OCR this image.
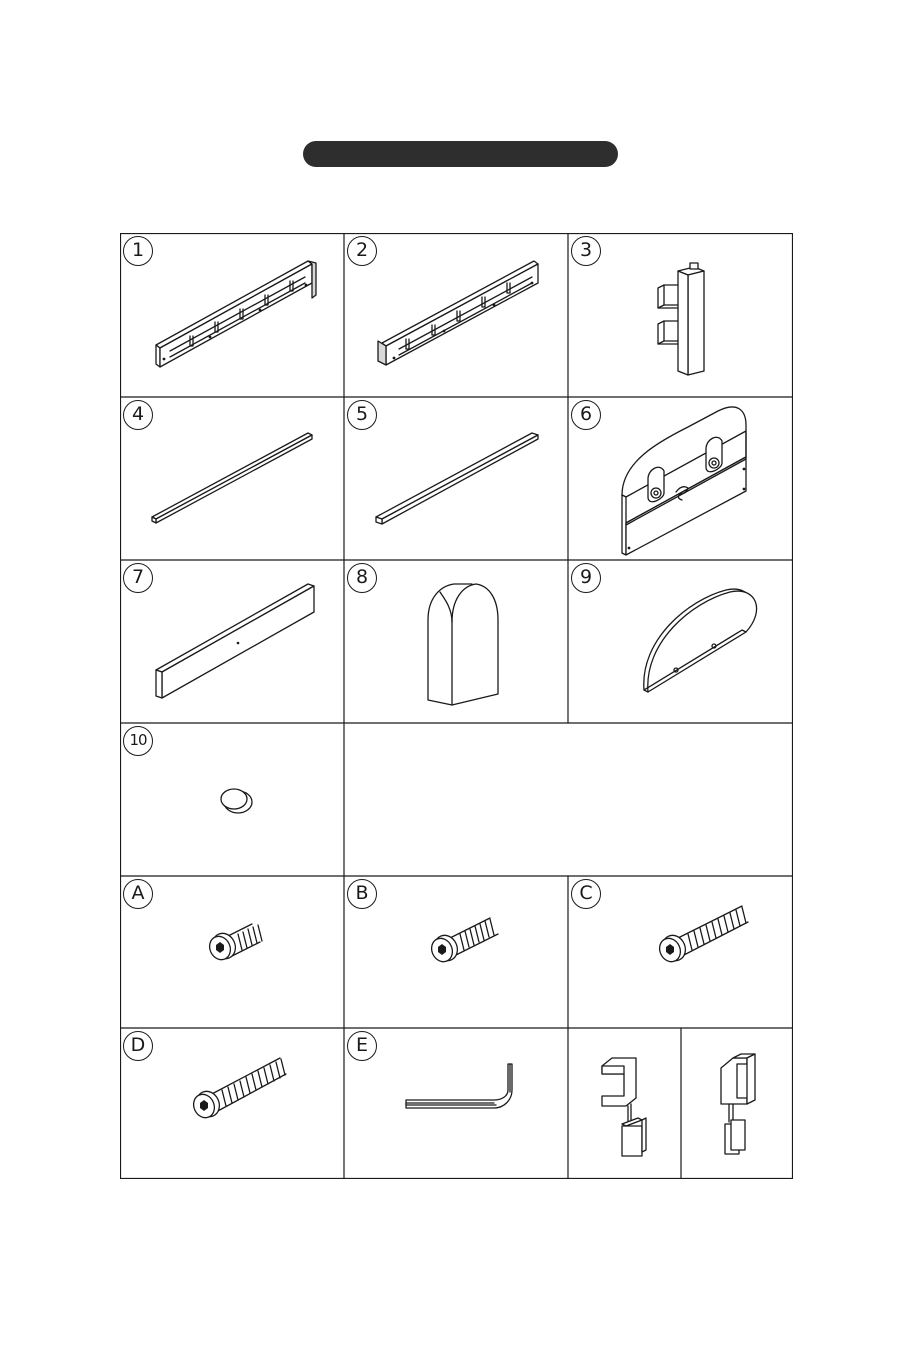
1	2	3
4	5	6
7	8	9
10
A	B	C
D	E
